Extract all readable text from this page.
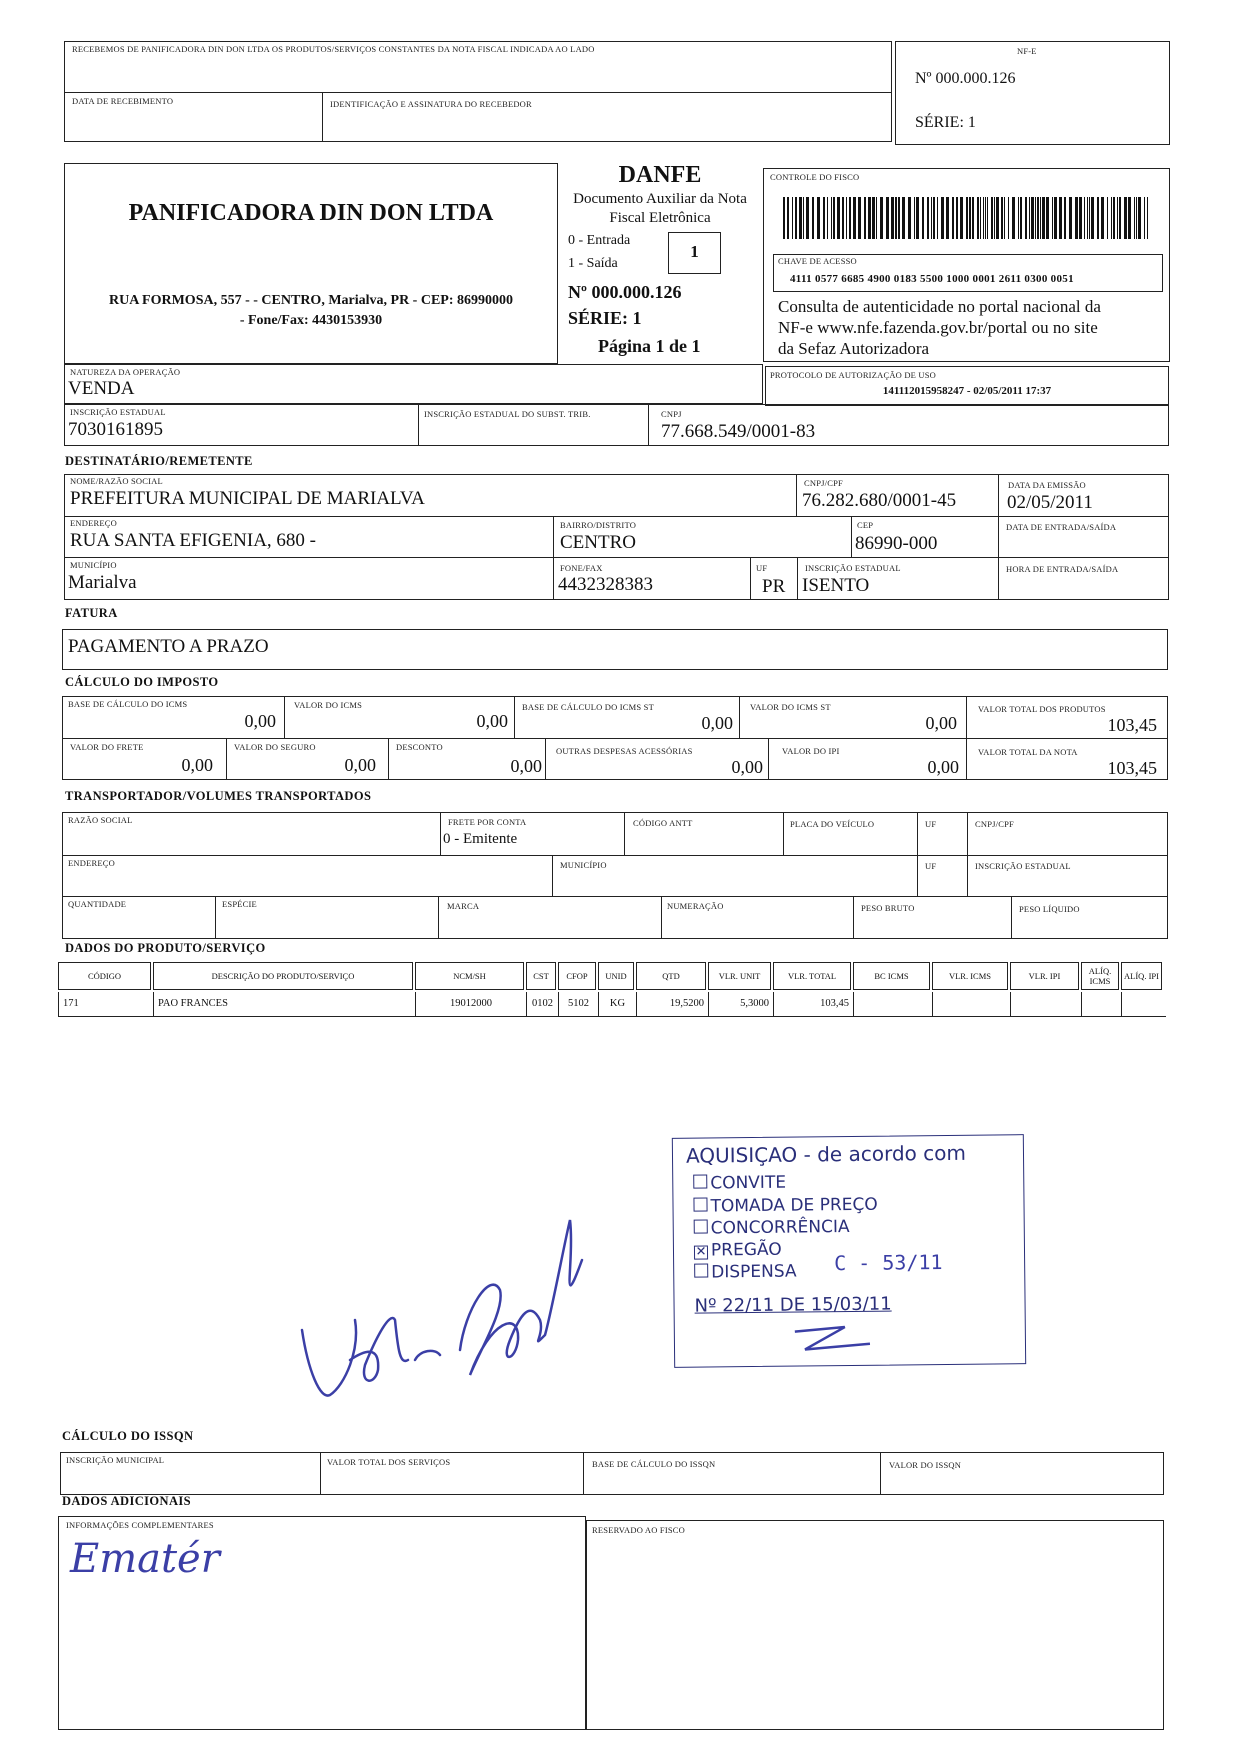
RECEBEMOS DE PANIFICADORA DIN DON LTDA OS PRODUTOS/SERVIÇOS CONSTANTES DA NOTA FISCAL INDICADA AO LADO
DATA DE RECEBIMENTO	IDENTIFICAÇÃO E ASSINATURA DO RECEBEDOR
NF-E
Nº 000.000.126
SÉRIE: 1
PANIFICADORA DIN DON LTDA
RUA FORMOSA, 557 - - CENTRO, Marialva, PR - CEP: 86990000
- Fone/Fax: 4430153930
DANFE
Documento Auxiliar da Nota
Fiscal Eletrônica
0 - Entrada
1 - Saída
1
Nº 000.000.126
SÉRIE: 1
Página 1 de 1
CONTROLE DO FISCO
CHAVE DE ACESSO
4111 0577 6685 4900 0183 5500 1000 0001 2611 0300 0051
Consulta de autenticidade no portal nacional da
NF-e www.nfe.fazenda.gov.br/portal ou no site
da Sefaz Autorizadora
NATUREZA DA OPERAÇÃO
VENDA
PROTOCOLO DE AUTORIZAÇÃO DE USO
141112015958247 - 02/05/2011 17:37
INSCRIÇÃO ESTADUAL
7030161895
INSCRIÇÃO ESTADUAL DO SUBST. TRIB.	CNPJ
77.668.549/0001-83
DESTINATÁRIO/REMETENTE
NOME/RAZÃO SOCIAL
PREFEITURA MUNICIPAL DE MARIALVA
CNPJ/CPF
76.282.680/0001-45
DATA DA EMISSÃO
02/05/2011
ENDEREÇO
RUA SANTA EFIGENIA, 680 -
BAIRRO/DISTRITO
CENTRO
CEP
86990-000
DATA DE ENTRADA/SAÍDA
MUNICÍPIO
Marialva
FONE/FAX
4432328383
UF
PR
INSCRIÇÃO ESTADUAL
ISENTO
HORA DE ENTRADA/SAÍDA
FATURA
PAGAMENTO A PRAZO
CÁLCULO DO IMPOSTO
BASE DE CÁLCULO DO ICMS
0,00
VALOR DO ICMS
0,00
BASE DE CÁLCULO DO ICMS ST
0,00
VALOR DO ICMS ST
0,00
VALOR TOTAL DOS PRODUTOS
103,45
VALOR DO FRETE
0,00
VALOR DO SEGURO
0,00
DESCONTO
0,00
OUTRAS DESPESAS ACESSÓRIAS
0,00
VALOR DO IPI
0,00
VALOR TOTAL DA NOTA
103,45
TRANSPORTADOR/VOLUMES TRANSPORTADOS
RAZÃO SOCIAL	FRETE POR CONTA
0 - Emitente
CÓDIGO ANTT	PLACA DO VEÍCULO	UF	CNPJ/CPF
ENDEREÇO	MUNICÍPIO	UF	INSCRIÇÃO ESTADUAL
QUANTIDADE	ESPÉCIE	MARCA	NUMERAÇÃO	PESO BRUTO	PESO LÍQUIDO
DADOS DO PRODUTO/SERVIÇO
CÓDIGO	DESCRIÇÃO DO PRODUTO/SERVIÇO	NCM/SH	CST	CFOP	UNID	QTD	VLR. UNIT	VLR. TOTAL	BC ICMS	VLR. ICMS	VLR. IPI	ALÍQ. ICMS	ALÍQ. IPI
171	PAO FRANCES	19012000	0102	5102	KG	19,5200	5,3000	103,45
AQUISIÇAO - de acordo com
CONVITE
TOMADA DE PREÇO
CONCORRÊNCIA
✕ PREGÃO
DISPENSA C - 53/11
Nº 22/11 DE 15/03/11
CÁLCULO DO ISSQN
INSCRIÇÃO MUNICIPAL	VALOR TOTAL DOS SERVIÇOS	BASE DE CÁLCULO DO ISSQN	VALOR DO ISSQN
DADOS ADICIONAIS
INFORMAÇÕES COMPLEMENTARES
Ematér
RESERVADO AO FISCO
